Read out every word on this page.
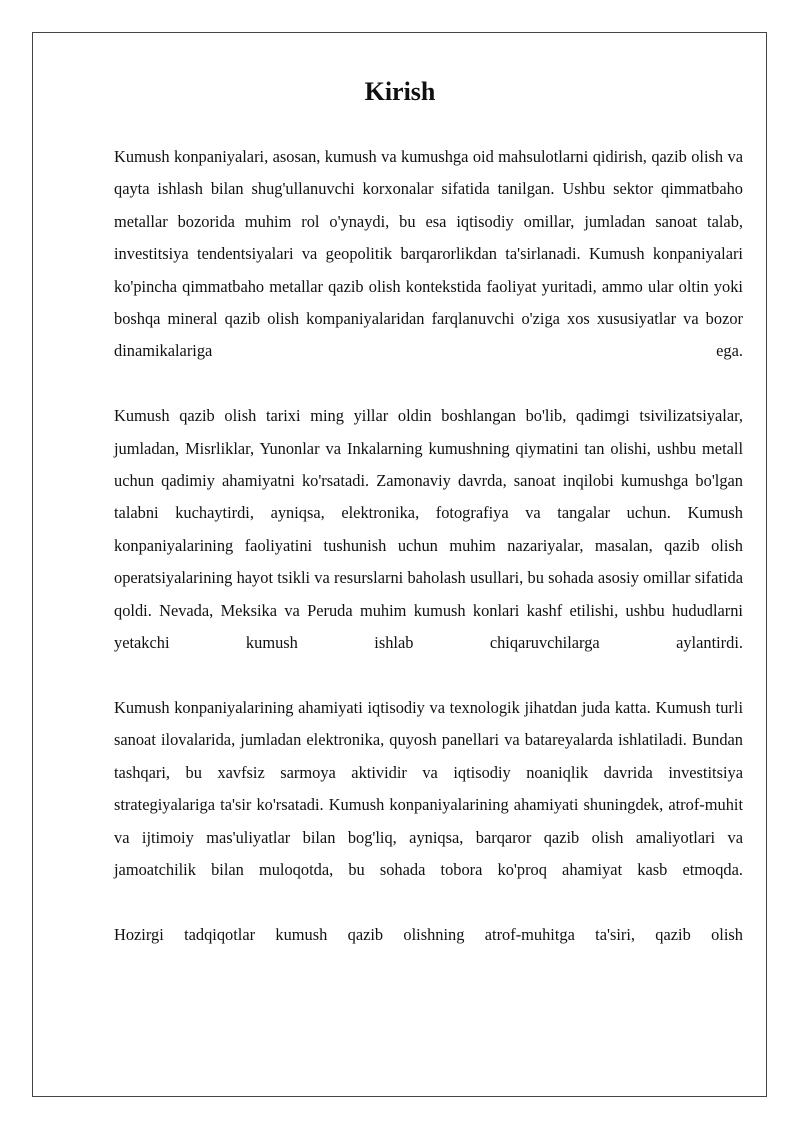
Kirish

Kumush konpaniyalari, asosan, kumush va kumushga oid mahsulotlarni qidirish, qazib olish va qayta ishlash bilan shug'ullanuvchi korxonalar sifatida tanilgan. Ushbu sektor qimmatbaho metallar bozorida muhim rol o'ynaydi, bu esa iqtisodiy omillar, jumladan sanoat talab, investitsiya tendentsiyalari va geopolitik barqarorlikdan ta'sirlanadi. Kumush konpaniyalari ko'pincha qimmatbaho metallar qazib olish kontekstida faoliyat yuritadi, ammo ular oltin yoki boshqa mineral qazib olish kompaniyalaridan farqlanuvchi o'ziga xos xususiyatlar va bozor dinamikalariga ega.

Kumush qazib olish tarixi ming yillar oldin boshlangan bo'lib, qadimgi tsivilizatsiyalar, jumladan, Misrliklar, Yunonlar va Inkalarning kumushning qiymatini tan olishi, ushbu metall uchun qadimiy ahamiyatni ko'rsatadi. Zamonaviy davrda, sanoat inqilobi kumushga bo'lgan talabni kuchaytirdi, ayniqsa, elektronika, fotografiya va tangalar uchun. Kumush konpaniyalarining faoliyatini tushunish uchun muhim nazariyalar, masalan, qazib olish operatsiyalarining hayot tsikli va resurslarni baholash usullari, bu sohada asosiy omillar sifatida qoldi. Nevada, Meksika va Peruda muhim kumush konlari kashf etilishi, ushbu hududlarni yetakchi kumush ishlab chiqaruvchilarga aylantirdi.

Kumush konpaniyalarining ahamiyati iqtisodiy va texnologik jihatdan juda katta. Kumush turli sanoat ilovalarida, jumladan elektronika, quyosh panellari va batareyalarda ishlatiladi. Bundan tashqari, bu xavfsiz sarmoya aktividir va iqtisodiy noaniqlik davrida investitsiya strategiyalariga ta'sir ko'rsatadi. Kumush konpaniyalarining ahamiyati shuningdek, atrof-muhit va ijtimoiy mas'uliyatlar bilan bog'liq, ayniqsa, barqaror qazib olish amaliyotlari va jamoatchilik bilan muloqotda, bu sohada tobora ko'proq ahamiyat kasb etmoqda.

Hozirgi tadqiqotlar kumush qazib olishning atrof-muhitga ta'siri, qazib olish
